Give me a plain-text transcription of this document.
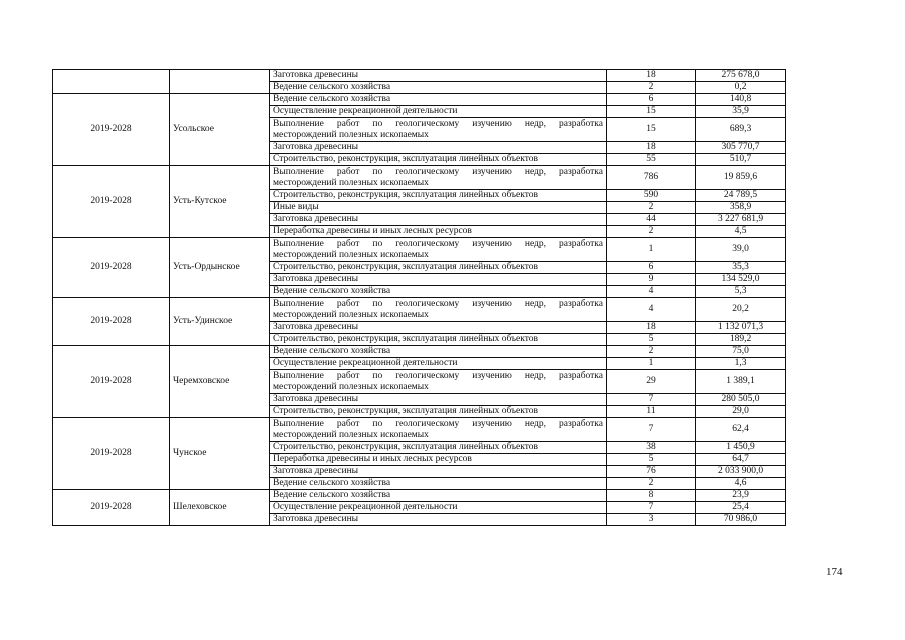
		Заготовка древесины	18	275 678,0
		Ведение сельского хозяйства	2	0,2
2019-2028	Усольское	Ведение сельского хозяйства	6	140,8
		Осуществление рекреационной деятельности	15	35,9
		Выполнение работ по геологическому изучению недр, разработка месторождений полезных ископаемых	15	689,3
		Заготовка древесины	18	305 770,7
		Строительство, реконструкция, эксплуатация линейных объектов	55	510,7
2019-2028	Усть-Кутское	Выполнение работ по геологическому изучению недр, разработка месторождений полезных ископаемых	786	19 859,6
		Строительство, реконструкция, эксплуатация линейных объектов	590	24 789,5
		Иные виды	2	358,9
		Заготовка древесины	44	3 227 681,9
		Переработка древесины и иных лесных ресурсов	2	4,5
2019-2028	Усть-Ордынское	Выполнение работ по геологическому изучению недр, разработка месторождений полезных ископаемых	1	39,0
		Строительство, реконструкция, эксплуатация линейных объектов	6	35,3
		Заготовка древесины	9	134 529,0
		Ведение сельского хозяйства	4	5,3
2019-2028	Усть-Удинское	Выполнение работ по геологическому изучению недр, разработка месторождений полезных ископаемых	4	20,2
		Заготовка древесины	18	1 132 071,3
		Строительство, реконструкция, эксплуатация линейных объектов	5	189,2
2019-2028	Черемховское	Ведение сельского хозяйства	2	75,0
		Осуществление рекреационной деятельности	1	1,3
		Выполнение работ по геологическому изучению недр, разработка месторождений полезных ископаемых	29	1 389,1
		Заготовка древесины	7	280 505,0
		Строительство, реконструкция, эксплуатация линейных объектов	11	29,0
2019-2028	Чунское	Выполнение работ по геологическому изучению недр, разработка месторождений полезных ископаемых	7	62,4
		Строительство, реконструкция, эксплуатация линейных объектов	38	1 450,9
		Переработка древесины и иных лесных ресурсов	5	64,7
		Заготовка древесины	76	2 033 900,0
		Ведение сельского хозяйства	2	4,6
2019-2028	Шелеховское	Ведение сельского хозяйства	8	23,9
		Осуществление рекреационной деятельности	7	25,4
		Заготовка древесины	3	70 986,0
174
